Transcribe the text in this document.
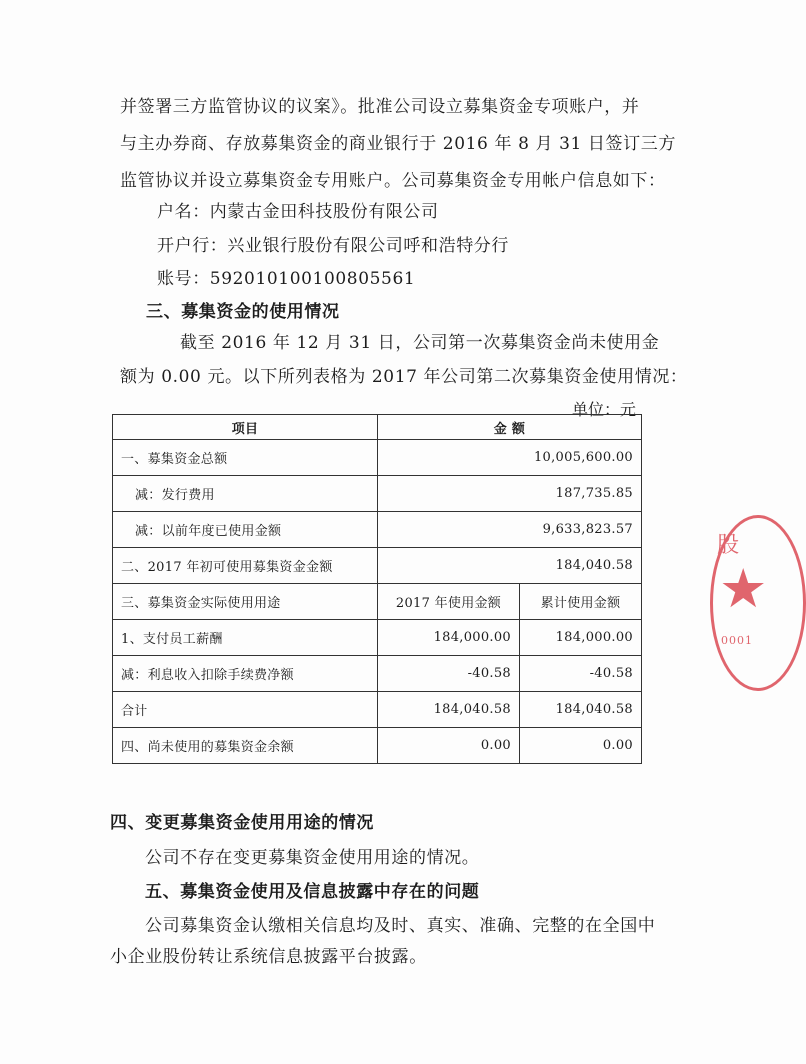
并签署三方监管协议的议案》。批准公司设立募集资金专项账户，并
与主办券商、存放募集资金的商业银行于 2016 年 8 月 31 日签订三方
监管协议并设立募集资金专用账户。公司募集资金专用帐户信息如下：
户名：内蒙古金田科技股份有限公司
开户行：兴业银行股份有限公司呼和浩特分行
账号：592010100100805561
三、募集资金的使用情况
截至 2016 年 12 月 31 日，公司第一次募集资金尚未使用金
额为 0.00 元。以下所列表格为 2017 年公司第二次募集资金使用情况：
单位：元
项目	金 额	
一、募集资金总额	10,005,600.00	
减：发行费用	187,735.85	
减：以前年度已使用金额	9,633,823.57	
二、2017 年初可使用募集资金金额	184,040.58	
三、募集资金实际使用用途	2017 年使用金额	累计使用金额
1、支付员工薪酬	184,000.00	184,000.00
减：利息收入扣除手续费净额	-40.58	-40.58
合计	184,040.58	184,040.58
四、尚未使用的募集资金余额	0.00	0.00
四、变更募集资金使用用途的情况
公司不存在变更募集资金使用用途的情况。
五、募集资金使用及信息披露中存在的问题
公司募集资金认缴相关信息均及时、真实、准确、完整的在全国中
小企业股份转让系统信息披露平台披露。
股
★
0001
